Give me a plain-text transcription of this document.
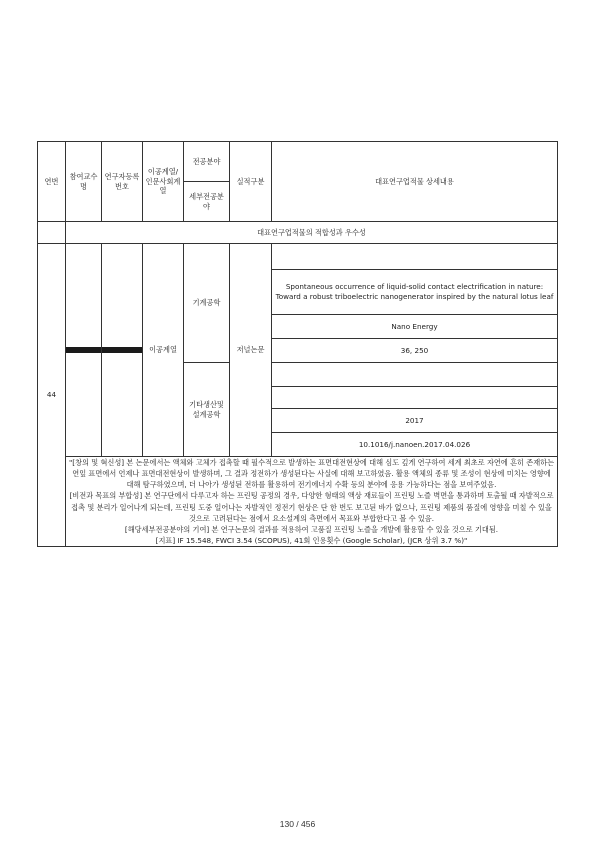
연번	참여교수명	연구자등록번호	이공계열/인문사회계열	전공분야	실적구분	대표연구업적물 상세내용
				세부전공분야		
	대표연구업적물의 적합성과 우수성					
44			이공계열	기계공학	저널논문	
						Spontaneous occurrence of liquid-solid contact electrification in nature: Toward a robust triboelectric nanogenerator inspired by the natural lotus leaf
						Nano Energy
						36, 250
				기타생산및설계공학		

						2017
						10.1016/j.nanoen.2017.04.026

	"[창의 및 혁신성] 본 논문에서는 액체와 고체가 접촉할 때 필수적으로 발생하는 표면대전현상에 대해 심도 깊게 연구하여 세계 최초로 자연에 흔히 존재하는 연잎 표면에서 언제나 표면대전현상이 발생하며, 그 결과 정전하가 생성된다는 사실에 대해 보고하였음. 활용 액체의 종류 및 조성이 현상에 미치는 영향에 대해 탐구하였으며, 더 나아가 생성된 전하를 활용하여 전기에너지 수확 등의 분야에 응용 가능하다는 점을 보여주었음.
[비전과 목표의 부합성] 본 연구단에서 다루고자 하는 프린팅 공정의 경우, 다양한 형태의 액상 재료들이 프린팅 노즐 벽면을 통과하며 토출될 때 자발적으로 접촉 및 분리가 일어나게 되는데, 프린팅 도중 일어나는 자발적인 정전기 현상은 단 한 번도 보고된 바가 없으나, 프린팅 제품의 품질에 영향을 미칠 수 있을 것으로 고려된다는 점에서 요소설계의 측면에서 목표와 부합한다고 볼 수 있음.
[해당세부전공분야의 기여] 본 연구논문의 결과를 적용하여 고품질 프린팅 노즐을 개발에 활용할 수 있을 것으로 기대됨.
[지표] IF 15.548, FWCI 3.54 (SCOPUS), 41회 인용횟수 (Google Scholar), (JCR 상위 3.7 %)"					
130 / 456
